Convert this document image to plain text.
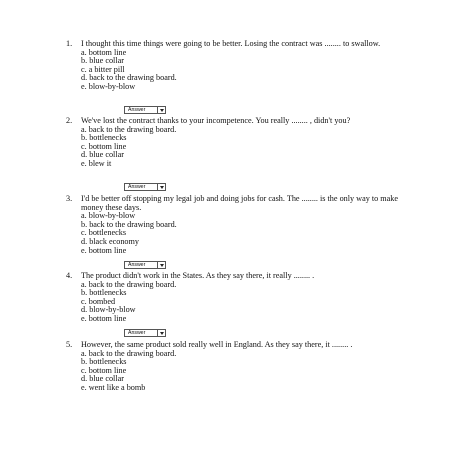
1.	I thought this time things were going to be better. Losing the contract was ........ to swallow.
a. bottom line
b. blue collar
c. a bitter pill
d. back to the drawing board.
e. blow-by-blow
Answer
2.	We've lost the contract thanks to your incompetence. You really ........ , didn't you?
a. back to the drawing board.
b. bottlenecks
c. bottom line
d. blue collar
e. blew it
Answer
3.	I'd be better off stopping my legal job and doing jobs for cash. The ........ is the only way to make money these days.
a. blow-by-blow
b. back to the drawing board.
c. bottlenecks
d. black economy
e. bottom line
Answer
4.	The product didn't work in the States. As they say there, it really ........ .
a. back to the drawing board.
b. bottlenecks
c. bombed
d. blow-by-blow
e. bottom line
Answer
5.	However, the same product sold really well in England. As they say there, it ........ .
a. back to the drawing board.
b. bottlenecks
c. bottom line
d. blue collar
e. went like a bomb
